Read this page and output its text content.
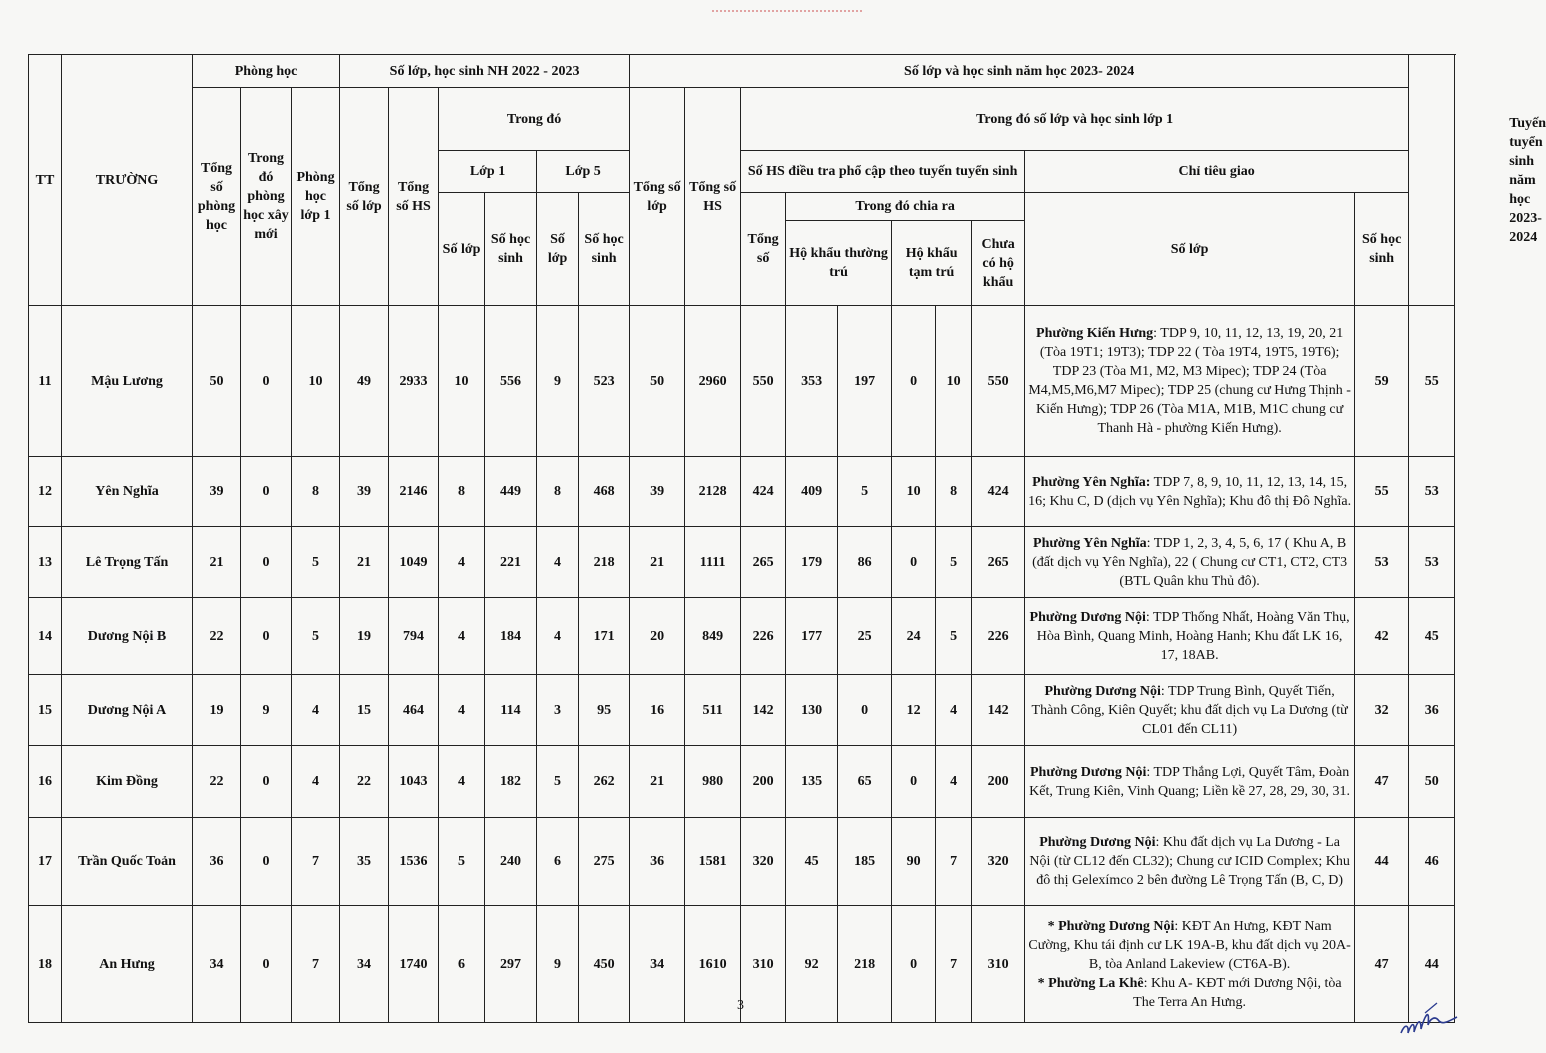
TT	TRƯỜNG	Phòng học			Số lớp, học sinh NH 2022 - 2023						Số lớp và học sinh năm học 2023- 2024										Tuyến tuyển sinh năm học 2023-2024	
		Tổng số phòng học	Trong đó phòng học xây mới	Phòng học lớp 1	Tổng số lớp	Tổng số HS	Trong đó				Tổng số lớp	Tổng số HS	Trong đó số lớp và học sinh lớp 1									
							Lớp 1		Lớp 5				Số HS điều tra phổ cập theo tuyến tuyển sinh						Chỉ tiêu giao		
							Số lớp	Số học sinh	Số lớp	Số học sinh			Tổng số	Trong đó chia ra					Số lớp	Số học sinh		
														Hộ khẩu thường trú		Hộ khẩu tạm trú		Chưa có hộ khẩu				

11	Mậu Lương	50	0	10	49	2933	10	556	9	523	50	2960	550	353	197	0	10	550	Phường Kiến Hưng: TDP 9, 10, 11, 12, 13, 19, 20, 21 (Tòa 19T1; 19T3); TDP 22 ( Tòa 19T4, 19T5, 19T6); TDP 23 (Tòa M1, M2, M3 Mipec); TDP 24 (Tòa M4,M5,M6,M7 Mipec); TDP 25 (chung cư Hưng Thịnh - Kiến Hưng); TDP 26 (Tòa M1A, M1B, M1C chung cư Thanh Hà - phường Kiến Hưng).	59	55	
12	Yên Nghĩa	39	0	8	39	2146	8	449	8	468	39	2128	424	409	5	10	8	424	Phường Yên Nghĩa: TDP 7, 8, 9, 10, 11, 12, 13, 14, 15, 16; Khu C, D (dịch vụ Yên Nghĩa); Khu đô thị Đô Nghĩa.	55	53	
13	Lê Trọng Tấn	21	0	5	21	1049	4	221	4	218	21	1111	265	179	86	0	5	265	Phường Yên Nghĩa: TDP 1, 2, 3, 4, 5, 6, 17 ( Khu A, B (đất dịch vụ Yên Nghĩa), 22 ( Chung cư CT1, CT2, CT3 (BTL Quân khu Thủ đô).	53	53	
14	Dương Nội B	22	0	5	19	794	4	184	4	171	20	849	226	177	25	24	5	226	Phường Dương Nội: TDP Thống Nhất, Hoàng Văn Thụ, Hòa Bình, Quang Minh, Hoàng Hanh; Khu đất LK 16, 17, 18AB.	42	45	
15	Dương Nội A	19	9	4	15	464	4	114	3	95	16	511	142	130	0	12	4	142	Phường Dương Nội: TDP Trung Bình, Quyết Tiến, Thành Công, Kiên Quyết; khu đất dịch vụ La Dương (từ CL01 đến CL11)	32	36	
16	Kim Đồng	22	0	4	22	1043	4	182	5	262	21	980	200	135	65	0	4	200	Phường Dương Nội: TDP Thắng Lợi, Quyết Tâm, Đoàn Kết, Trung Kiên, Vinh Quang; Liền kề 27, 28, 29, 30, 31.	47	50	
17	Trần Quốc Toản	36	0	7	35	1536	5	240	6	275	36	1581	320	45	185	90	7	320	Phường Dương Nội: Khu đất dịch vụ La Dương - La Nội (từ CL12 đến CL32); Chung cư ICID Complex; Khu đô thị Gelexímco 2 bên đường Lê Trọng Tấn (B, C, D)	44	46	
18	An Hưng	34	0	7	34	1740	6	297	9	450	34	1610	310	92	218	0	7	310	* Phường Dương Nội: KĐT An Hưng, KĐT Nam Cường, Khu tái định cư LK 19A-B, khu đất dịch vụ 20A-B, tòa Anland Lakeview (CT6A-B).
* Phường La Khê: Khu A- KĐT mới Dương Nội, tòa The Terra An Hưng.	47	44	
3
